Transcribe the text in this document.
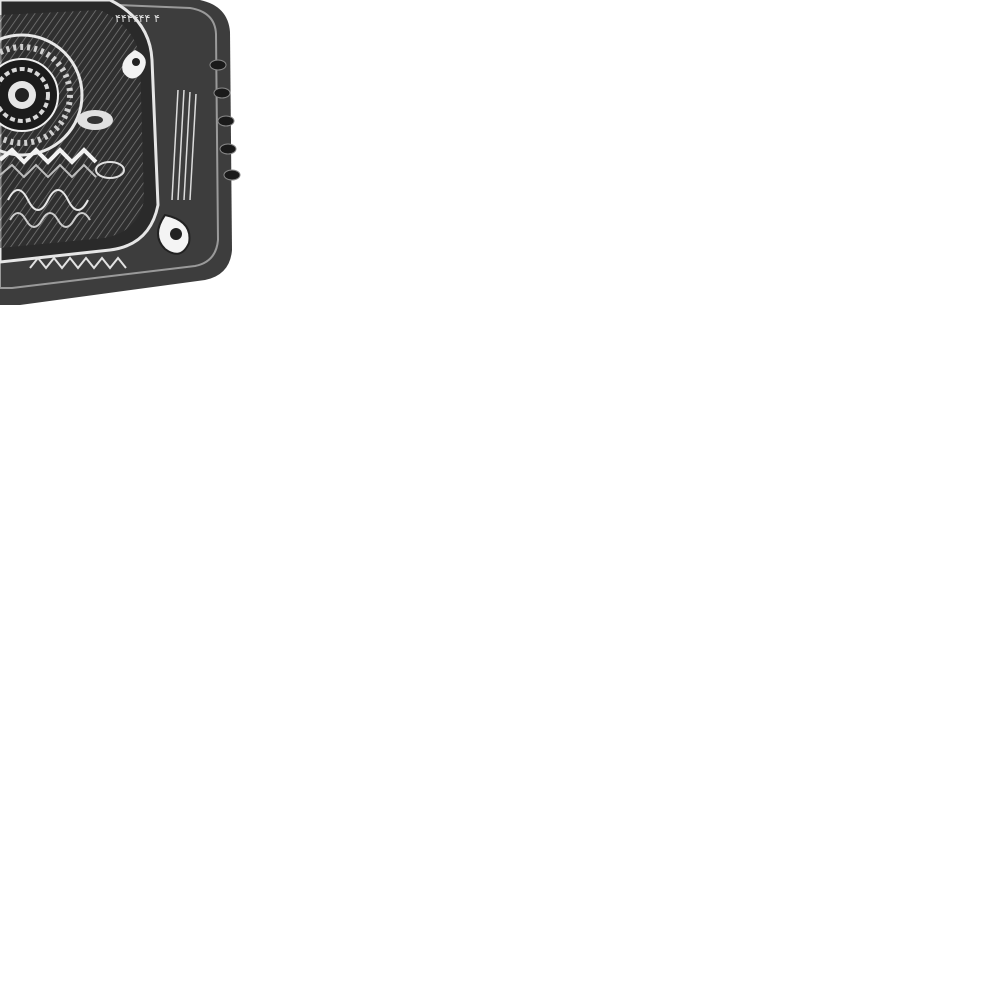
۴۴۴۴۴۴ ۴
